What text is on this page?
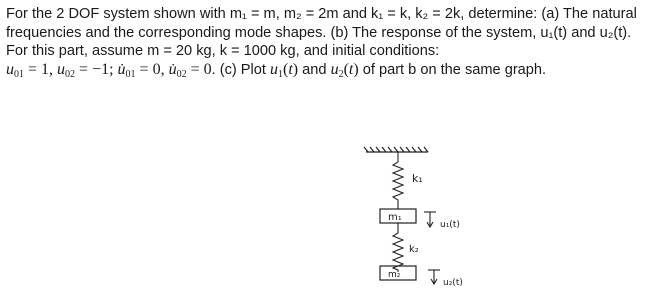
For the 2 DOF system shown with m₁ = m, m₂ = 2m and k₁ = k, k₂ = 2k, determine: (a) The natural
frequencies and the corresponding mode shapes. (b) The response of the system, u₁(t) and u₂(t).
For this part, assume m = 20 kg, k = 1000 kg, and initial conditions:
$u_{01} = 1$, $u_{02} = -1$; $u̇_{01} = 0$, $u̇_{02} = 0$. (c) Plot $u_1(t)$ and $u_2(t)$ of part b on the same graph.
k₁
m₁
u₁(t)
k₂
m₂
u₂(t)
